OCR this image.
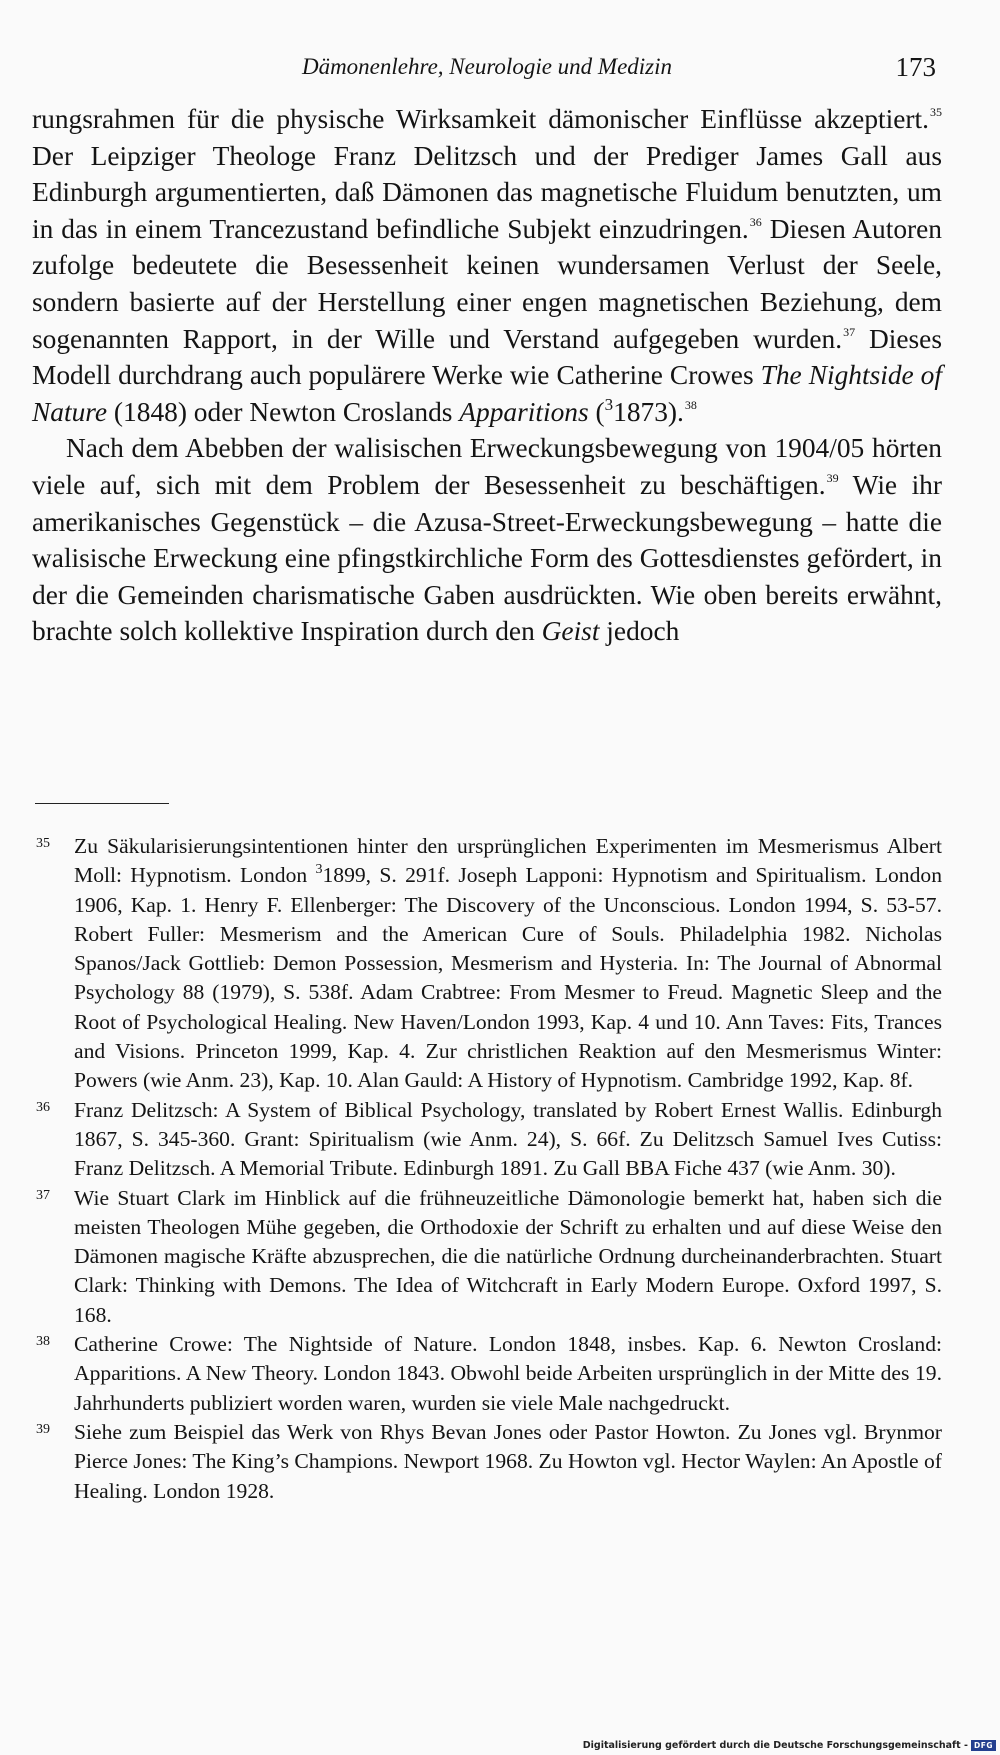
Dämonenlehre, Neurologie und Medizin	173

rungsrahmen für die physische Wirksamkeit dämonischer Einflüsse akzeptiert.$^{35}$ Der Leipziger Theologe Franz Delitzsch und der Prediger James Gall aus Edinburgh argumentierten, daß Dämonen das magnetische Fluidum benutzten, um in das in einem Trancezustand befindliche Subjekt einzudringen.$^{36}$ Diesen Autoren zufolge bedeutete die Besessenheit keinen wundersamen Verlust der Seele, sondern basierte auf der Herstellung einer engen magnetischen Beziehung, dem sogenannten Rapport, in der Wille und Verstand aufgegeben wurden.$^{37}$ Dieses Modell durchdrang auch populärere Werke wie Catherine Crowes The Nightside of Nature (1848) oder Newton Croslands Apparitions ($^3$1873).$^{38}$

Nach dem Abebben der walisischen Erweckungsbewegung von 1904/05 hörten viele auf, sich mit dem Problem der Besessenheit zu beschäftigen.$^{39}$ Wie ihr amerikanisches Gegenstück – die Azusa-Street-Erweckungsbewegung – hatte die walisische Erweckung eine pfingstkirchliche Form des Gottesdienstes gefördert, in der die Gemeinden charismatische Gaben ausdrückten. Wie oben bereits erwähnt, brachte solch kollektive Inspiration durch den Geist jedoch

35 Zu Säkularisierungsintentionen hinter den ursprünglichen Experimenten im Mesmerismus Albert Moll: Hypnotism. London $^3$1899, S. 291f. Joseph Lapponi: Hypnotism and Spiritualism. London 1906, Kap. 1. Henry F. Ellenberger: The Discovery of the Unconscious. London 1994, S. 53-57. Robert Fuller: Mesmerism and the American Cure of Souls. Philadelphia 1982. Nicholas Spanos/Jack Gottlieb: Demon Possession, Mesmerism and Hysteria. In: The Journal of Abnormal Psychology 88 (1979), S. 538f. Adam Crabtree: From Mesmer to Freud. Magnetic Sleep and the Root of Psychological Healing. New Haven/London 1993, Kap. 4 und 10. Ann Taves: Fits, Trances and Visions. Princeton 1999, Kap. 4. Zur christlichen Reaktion auf den Mesmerismus Winter: Powers (wie Anm. 23), Kap. 10. Alan Gauld: A History of Hypnotism. Cambridge 1992, Kap. 8f.
36 Franz Delitzsch: A System of Biblical Psychology, translated by Robert Ernest Wallis. Edinburgh 1867, S. 345-360. Grant: Spiritualism (wie Anm. 24), S. 66f. Zu Delitzsch Samuel Ives Cutiss: Franz Delitzsch. A Memorial Tribute. Edinburgh 1891. Zu Gall BBA Fiche 437 (wie Anm. 30).
37 Wie Stuart Clark im Hinblick auf die frühneuzeitliche Dämonologie bemerkt hat, haben sich die meisten Theologen Mühe gegeben, die Orthodoxie der Schrift zu erhalten und auf diese Weise den Dämonen magische Kräfte abzusprechen, die die natürliche Ordnung durcheinanderbrachten. Stuart Clark: Thinking with Demons. The Idea of Witchcraft in Early Modern Europe. Oxford 1997, S. 168.
38 Catherine Crowe: The Nightside of Nature. London 1848, insbes. Kap. 6. Newton Crosland: Apparitions. A New Theory. London 1843. Obwohl beide Arbeiten ursprünglich in der Mitte des 19. Jahrhunderts publiziert worden waren, wurden sie viele Male nachgedruckt.
39 Siehe zum Beispiel das Werk von Rhys Bevan Jones oder Pastor Howton. Zu Jones vgl. Brynmor Pierce Jones: The King’s Champions. Newport 1968. Zu Howton vgl. Hector Waylen: An Apostle of Healing. London 1928.
Digitalisierung gefördert durch die Deutsche Forschungsgemeinschaft - DFG
